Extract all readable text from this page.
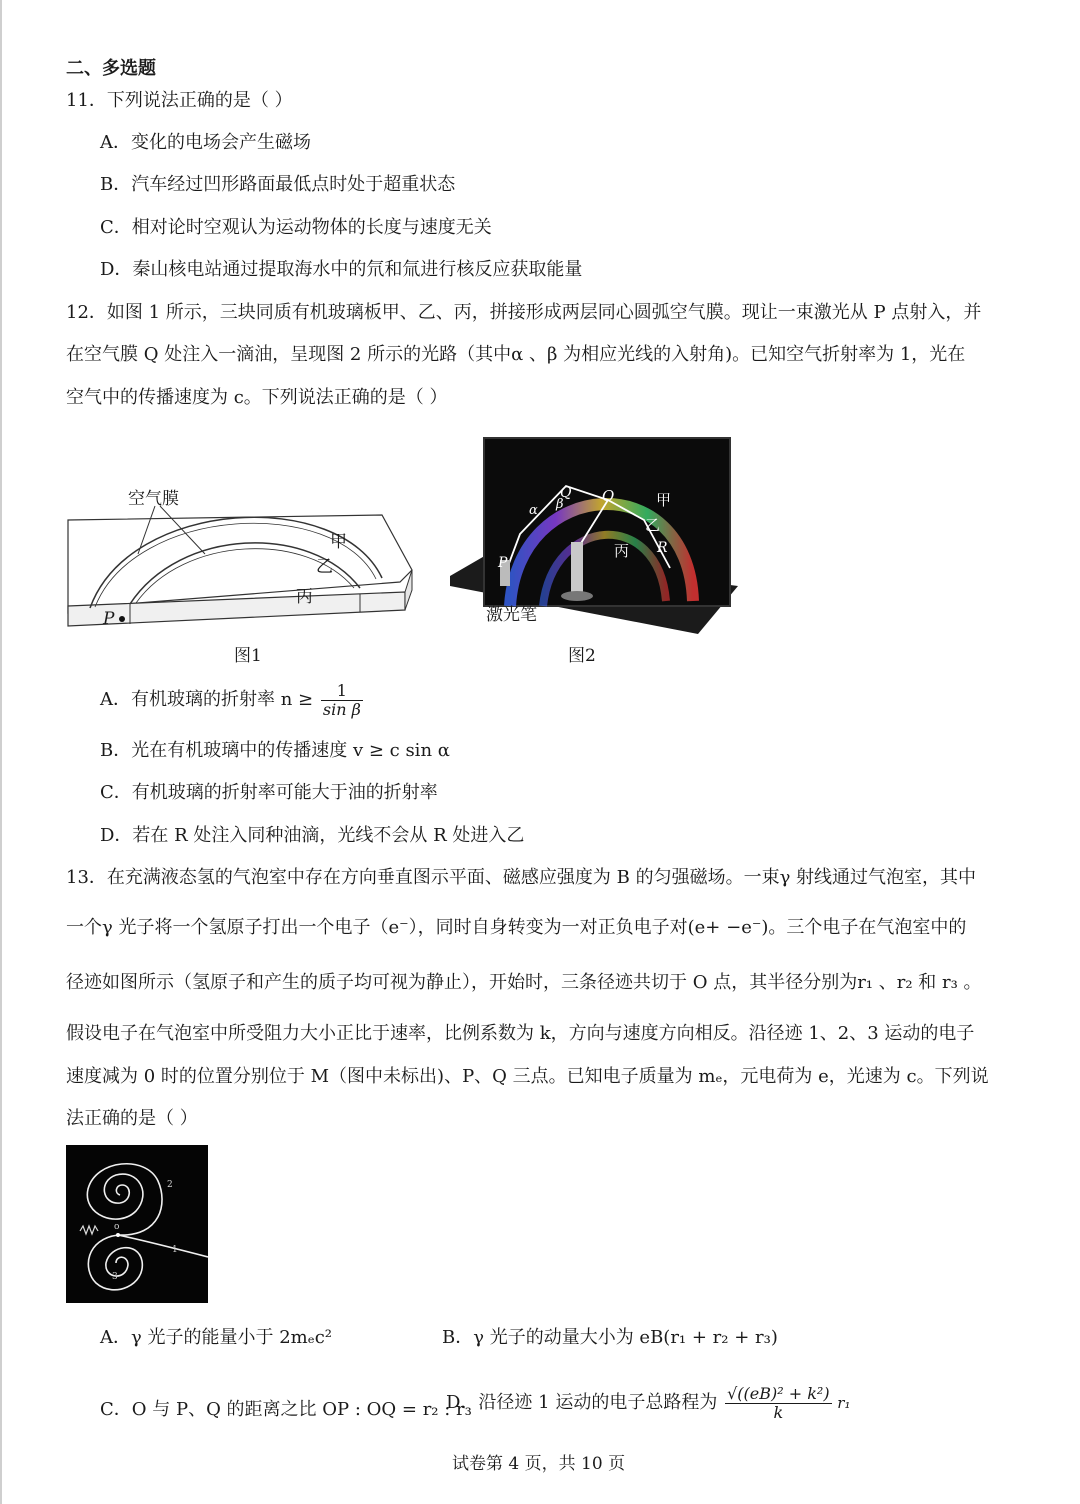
二、多选题
11．下列说法正确的是（ ）
A．变化的电场会产生磁场
B．汽车经过凹形路面最低点时处于超重状态
C．相对论时空观认为运动物体的长度与速度无关
D．秦山核电站通过提取海水中的氘和氚进行核反应获取能量
12．如图 1 所示，三块同质有机玻璃板甲、乙、丙，拼接形成两层同心圆弧空气膜。现让一束激光从 P 点射入，并
在空气膜 Q 处注入一滴油，呈现图 2 所示的光路（其中α 、β 为相应光线的入射角)。已知空气折射率为 1，光在
空气中的传播速度为 c。下列说法正确的是（ ）
空气膜
甲
乙
丙
P
图1
O
Q
α β	甲
乙
丙 R
P
激光笔
图2
A．有机玻璃的折射率 $n \ge \frac{1}{\text{sin β}}$
B．光在有机玻璃中的传播速度 v ≥ c sin α
C．有机玻璃的折射率可能大于油的折射率
D．若在 R 处注入同种油滴，光线不会从 R 处进入乙
13．在充满液态氢的气泡室中存在方向垂直图示平面、磁感应强度为 B 的匀强磁场。一束γ 射线通过气泡室，其中
一个γ 光子将一个氢原子打出一个电子（e⁻），同时自身转变为一对正负电子对(e+ −e⁻)。三个电子在气泡室中的
径迹如图所示（氢原子和产生的质子均可视为静止），开始时，三条径迹共切于 O 点，其半径分别为r₁ 、r₂ 和 r₃ 。
假设电子在气泡室中所受阻力大小正比于速率，比例系数为 k，方向与速度方向相反。沿径迹 1、2、3 运动的电子
速度减为 0 时的位置分别位于 M（图中未标出)、P、Q 三点。已知电子质量为 mₑ，元电荷为 e，光速为 c。下列说
法正确的是（ ）
2
1
3
o
A．γ 光子的能量小于 2mₑc²	B．γ 光子的动量大小为 eB(r₁ + r₂ + r₃)
C．O 与 P、Q 的距离之比 OP : OQ = r₂ : r₃
D．沿径迹 1 运动的电子总路程为 $\frac{\text{√((eB)² + k²)}}{k} r_1$
试卷第 4 页，共 10 页
